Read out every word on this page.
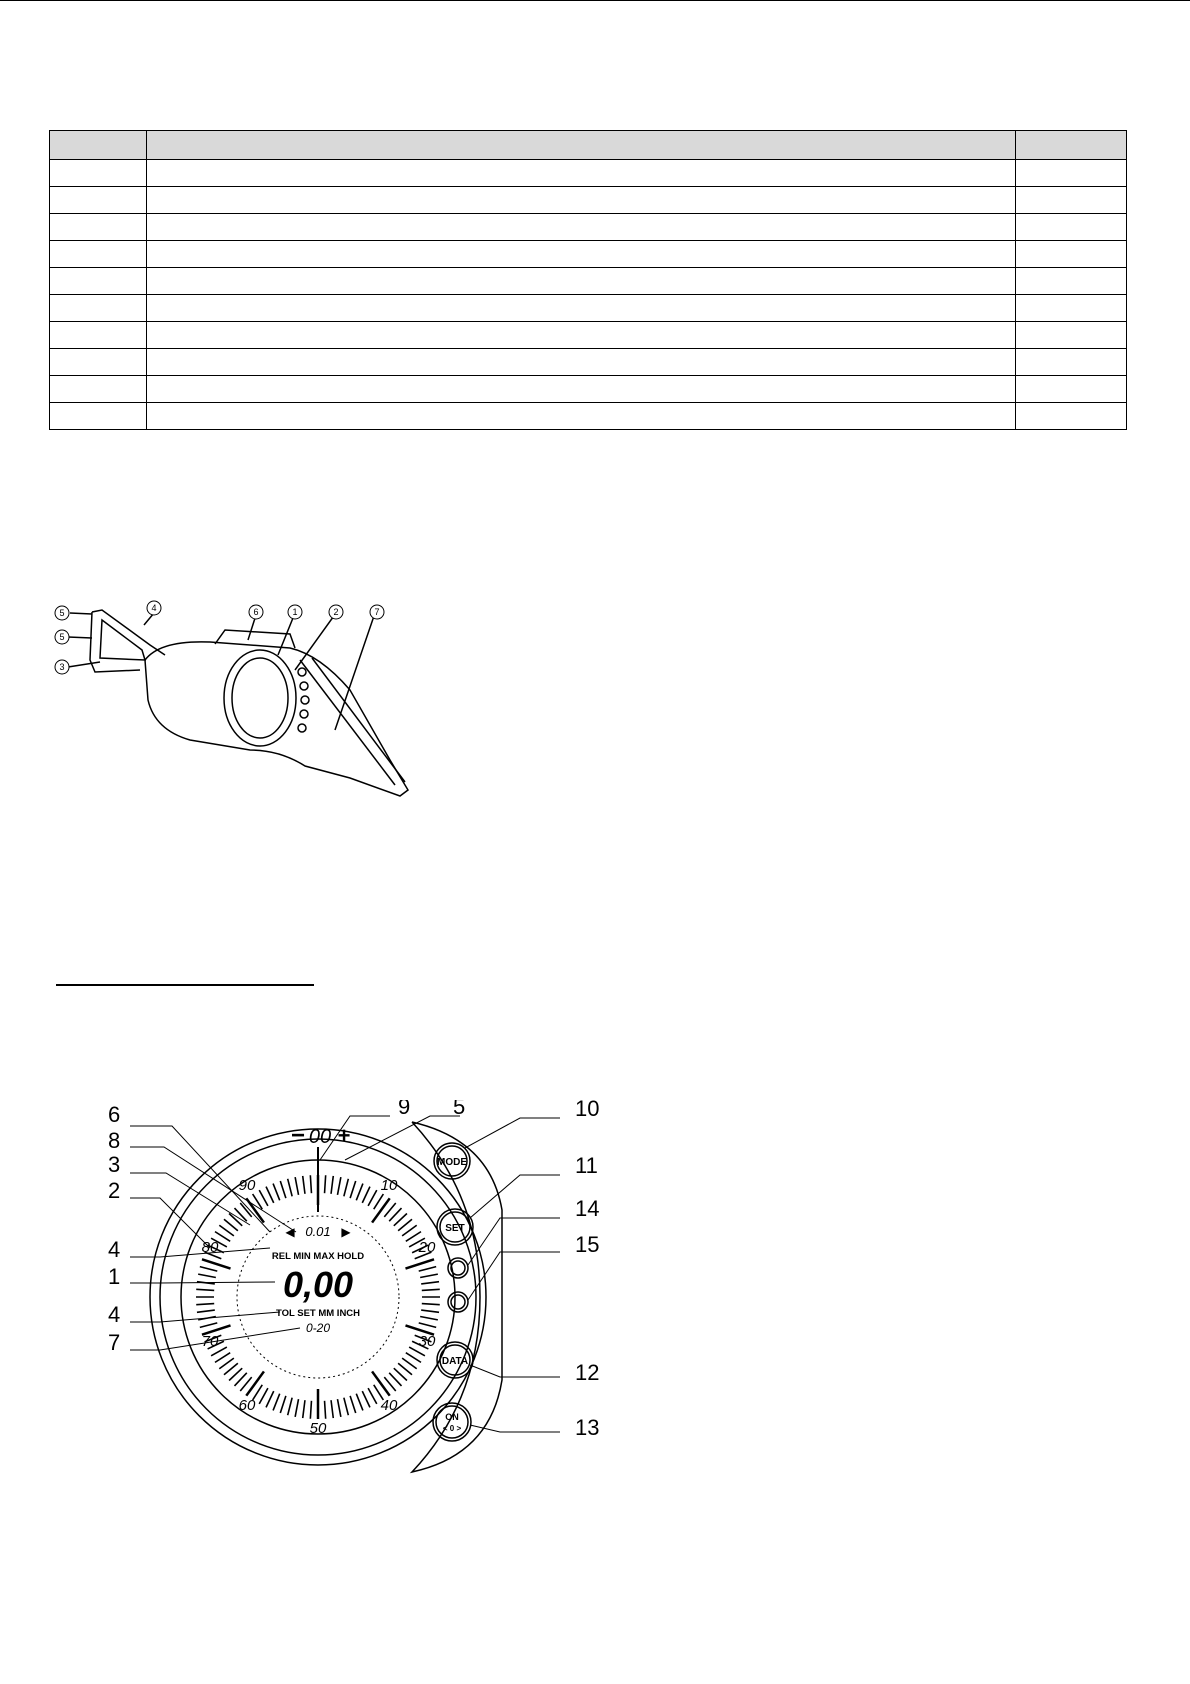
5	4	6	1	2	7
5
3
10
20
30
40
50
60
70
80
90
− 00 +
◀ 0.01 ▶
REL MIN MAX HOLD
0,00
TOL SET MM INCH
0-20
MODE
SET
DATA
ON
< 0 >
6
8
3
2
4
1
4
7
9 5	10
11
14
15
12
13
